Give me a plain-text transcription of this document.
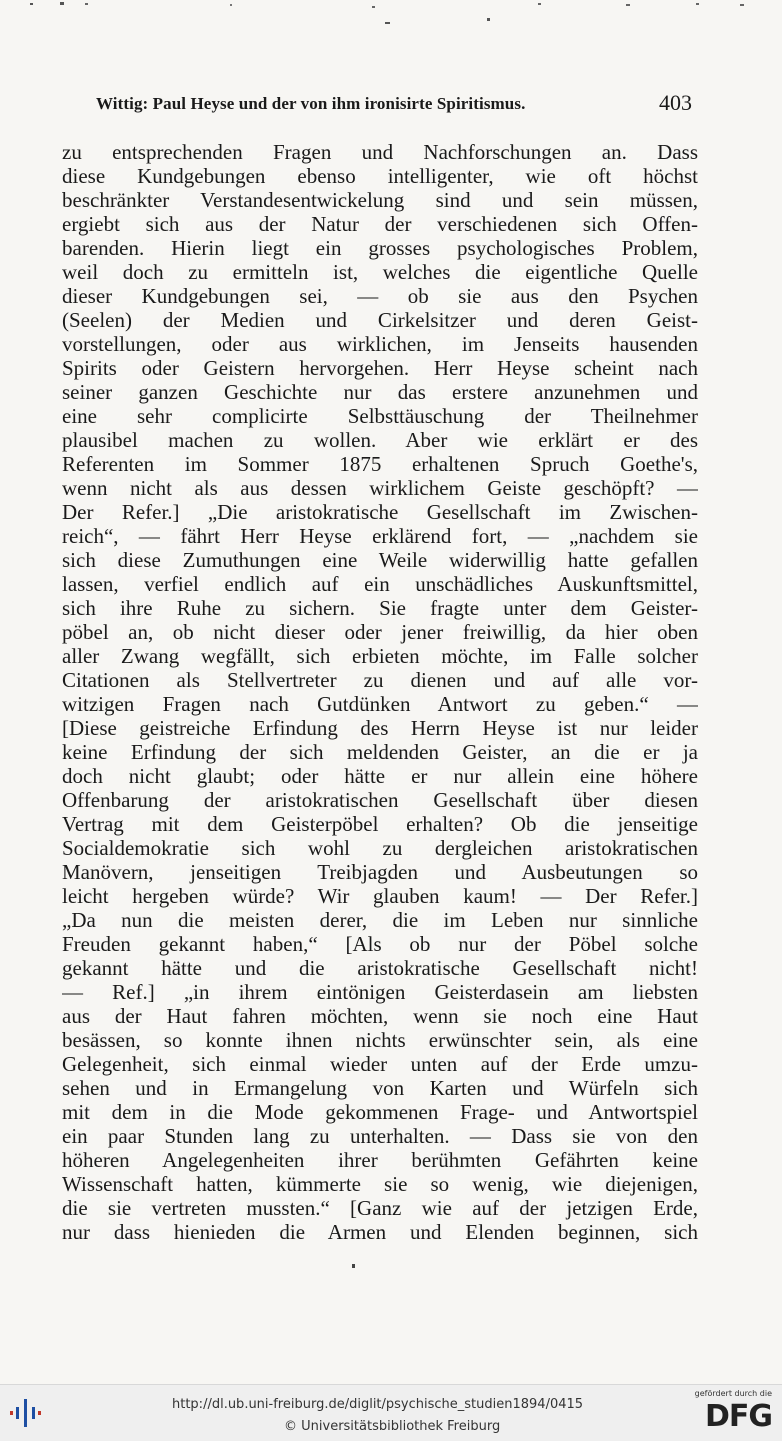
Wittig: Paul Heyse und der von ihm ironisirte Spiritismus.	403
zu entsprechenden Fragen und Nachforschungen an. Dass
diese Kundgebungen ebenso intelligenter, wie oft höchst
beschränkter Verstandesentwickelung sind und sein müssen,
ergiebt sich aus der Natur der verschiedenen sich Offen-
barenden. Hierin liegt ein grosses psychologisches Problem,
weil doch zu ermitteln ist, welches die eigentliche Quelle
dieser Kundgebungen sei, — ob sie aus den Psychen
(Seelen) der Medien und Cirkelsitzer und deren Geist-
vorstellungen, oder aus wirklichen, im Jenseits hausenden
Spirits oder Geistern hervorgehen. Herr Heyse scheint nach
seiner ganzen Geschichte nur das erstere anzunehmen und
eine sehr complicirte Selbsttäuschung der Theilnehmer
plausibel machen zu wollen. Aber wie erklärt er des
Referenten im Sommer 1875 erhaltenen Spruch Goethe's,
wenn nicht als aus dessen wirklichem Geiste geschöpft? —
Der Refer.] „Die aristokratische Gesellschaft im Zwischen-
reich“, — fährt Herr Heyse erklärend fort, — „nachdem sie
sich diese Zumuthungen eine Weile widerwillig hatte gefallen
lassen, verfiel endlich auf ein unschädliches Auskunftsmittel,
sich ihre Ruhe zu sichern. Sie fragte unter dem Geister-
pöbel an, ob nicht dieser oder jener freiwillig, da hier oben
aller Zwang wegfällt, sich erbieten möchte, im Falle solcher
Citationen als Stellvertreter zu dienen und auf alle vor-
witzigen Fragen nach Gutdünken Antwort zu geben.“ —
[Diese geistreiche Erfindung des Herrn Heyse ist nur leider
keine Erfindung der sich meldenden Geister, an die er ja
doch nicht glaubt; oder hätte er nur allein eine höhere
Offenbarung der aristokratischen Gesellschaft über diesen
Vertrag mit dem Geisterpöbel erhalten? Ob die jenseitige
Socialdemokratie sich wohl zu dergleichen aristokratischen
Manövern, jenseitigen Treibjagden und Ausbeutungen so
leicht hergeben würde? Wir glauben kaum! — Der Refer.]
„Da nun die meisten derer, die im Leben nur sinnliche
Freuden gekannt haben,“ [Als ob nur der Pöbel solche
gekannt hätte und die aristokratische Gesellschaft nicht!
— Ref.] „in ihrem eintönigen Geisterdasein am liebsten
aus der Haut fahren möchten, wenn sie noch eine Haut
besässen, so konnte ihnen nichts erwünschter sein, als eine
Gelegenheit, sich einmal wieder unten auf der Erde umzu-
sehen und in Ermangelung von Karten und Würfeln sich
mit dem in die Mode gekommenen Frage- und Antwortspiel
ein paar Stunden lang zu unterhalten. — Dass sie von den
höheren Angelegenheiten ihrer berühmten Gefährten keine
Wissenschaft hatten, kümmerte sie so wenig, wie diejenigen,
die sie vertreten mussten.“ [Ganz wie auf der jetzigen Erde,
nur dass hienieden die Armen und Elenden beginnen, sich
http://dl.ub.uni-freiburg.de/diglit/psychische_studien1894/0415
© Universitätsbibliothek Freiburg
gefördert durch die
DFG
